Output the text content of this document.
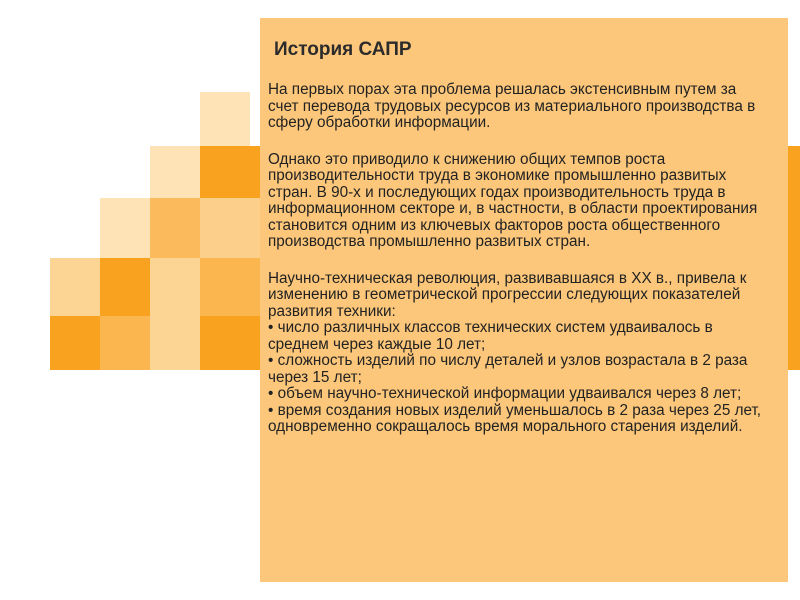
История САПР

На первых порах эта проблема решалась экстенсивным путем за счет перевода трудовых ресурсов из материального производства в сферу обработки информации.

Однако это приводило к снижению общих темпов роста производительности труда в экономике промышленно развитых стран. В 90-х и последующих годах производительность труда в информационном секторе и, в частности, в области проектирования становится одним из ключевых факторов роста общественного производства промышленно развитых стран.

Научно-техническая революция, развивавшаяся в XX в., привела к изменению в геометрической прогрессии следующих показателей развития техники:

• число различных классов технических систем удваивалось в среднем через каждые 10 лет;

• сложность изделий по числу деталей и узлов возрастала в 2 раза через 15 лет;

• объем научно-технической информации удваивался через 8 лет;

• время создания новых изделий уменьшалось в 2 раза через 25 лет, одновременно сокращалось время морального старения изделий.
